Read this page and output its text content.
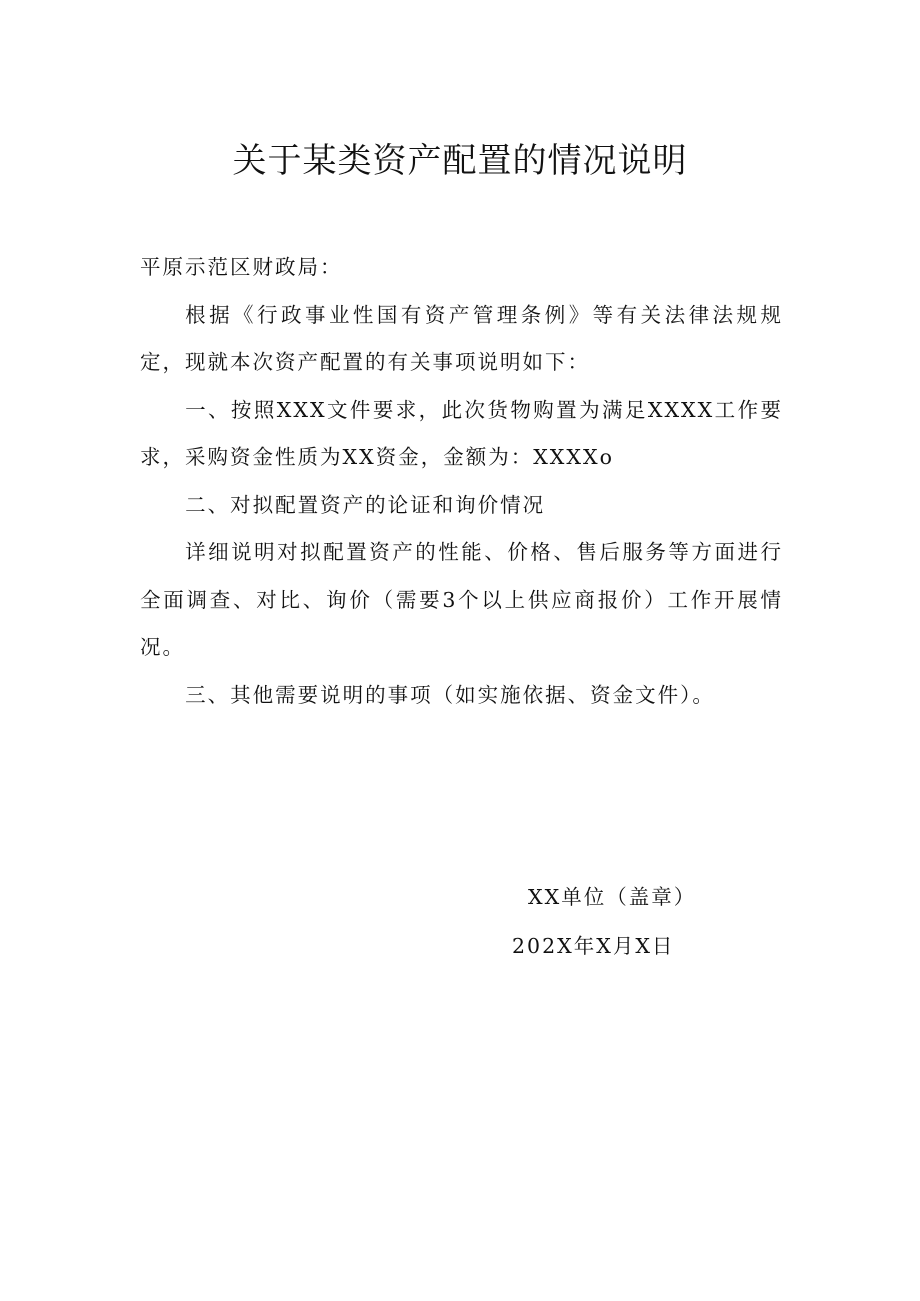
关于某类资产配置的情况说明

平原示范区财政局：

根据《行政事业性国有资产管理条例》等有关法律法规规定，现就本次资产配置的有关事项说明如下：

一、按照XXX文件要求，此次货物购置为满足XXXX工作要求，采购资金性质为XX资金，金额为：XXXXo

二、对拟配置资产的论证和询价情况

详细说明对拟配置资产的性能、价格、售后服务等方面进行全面调查、对比、询价（需要3个以上供应商报价）工作开展情况。

三、其他需要说明的事项（如实施依据、资金文件）。

XX单位（盖章）
202X年X月X日
